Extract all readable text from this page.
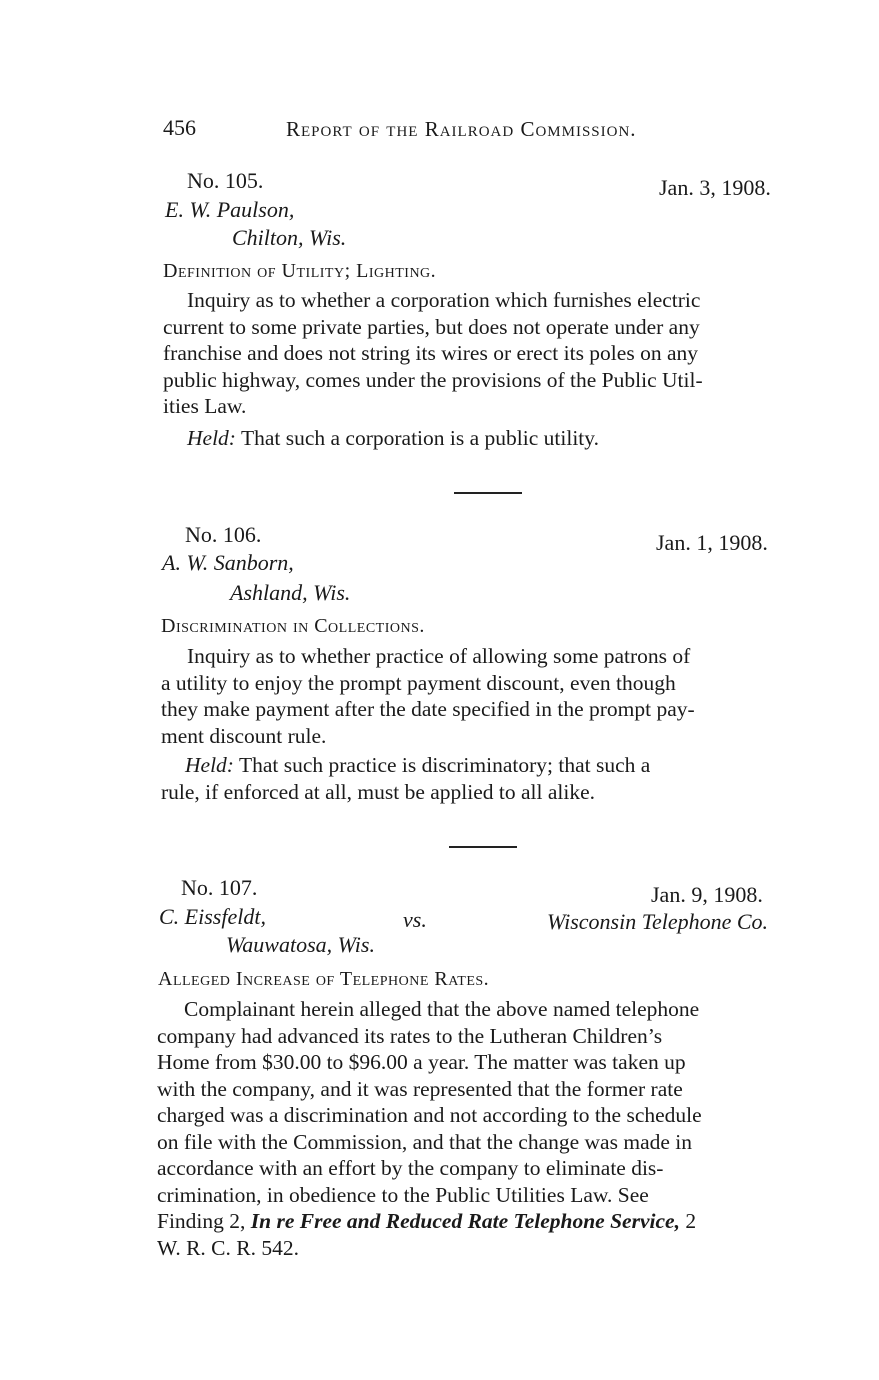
456	Report of the Railroad Commission.
No. 105.	Jan. 3, 1908.
E. W. Paulson,
Chilton, Wis.
Definition of Utility; Lighting.
Inquiry as to whether a corporation which furnishes electric
current to some private parties, but does not operate under any
franchise and does not string its wires or erect its poles on any
public highway, comes under the provisions of the Public Util-
ities Law.
Held: That such a corporation is a public utility.
No. 106.	Jan. 1, 1908.
A. W. Sanborn,
Ashland, Wis.
Discrimination in Collections.
Inquiry as to whether practice of allowing some patrons of
a utility to enjoy the prompt payment discount, even though
they make payment after the date specified in the prompt pay-
ment discount rule.
Held: That such practice is discriminatory; that such a
rule, if enforced at all, must be applied to all alike.
No. 107.	Jan. 9, 1908.
C. Eissfeldt,	vs.	Wisconsin Telephone Co.
Wauwatosa, Wis.
Alleged Increase of Telephone Rates.
Complainant herein alleged that the above named telephone
company had advanced its rates to the Lutheran Children’s
Home from $30.00 to $96.00 a year. The matter was taken up
with the company, and it was represented that the former rate
charged was a discrimination and not according to the schedule
on file with the Commission, and that the change was made in
accordance with an effort by the company to eliminate dis-
crimination, in obedience to the Public Utilities Law. See
Finding 2, In re Free and Reduced Rate Telephone Service, 2
W. R. C. R. 542.
